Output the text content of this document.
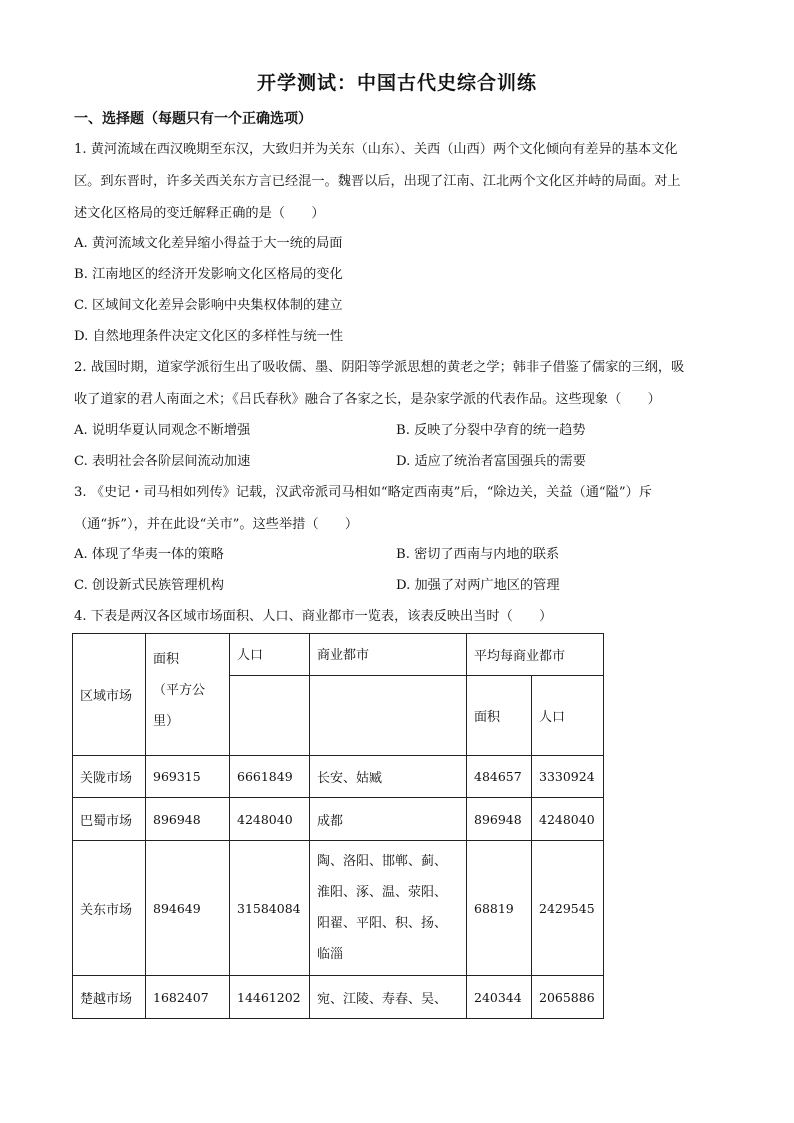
开学测试：中国古代史综合训练
一、选择题（每题只有一个正确选项）
1. 黄河流域在西汉晚期至东汉，大致归并为关东（山东）、关西（山西）两个文化倾向有差异的基本文化
区。到东晋时，许多关西关东方言已经混一。魏晋以后，出现了江南、江北两个文化区并峙的局面。对上
述文化区格局的变迁解释正确的是（　　）
A. 黄河流域文化差异缩小得益于大一统的局面
B. 江南地区的经济开发影响文化区格局的变化
C. 区域间文化差异会影响中央集权体制的建立
D. 自然地理条件决定文化区的多样性与统一性
2. 战国时期，道家学派衍生出了吸收儒、墨、阴阳等学派思想的黄老之学；韩非子借鉴了儒家的三纲，吸
收了道家的君人南面之术；《吕氏春秋》融合了各家之长，是杂家学派的代表作品。这些现象（　　）
A. 说明华夏认同观念不断增强	B. 反映了分裂中孕育的统一趋势
C. 表明社会各阶层间流动加速	D. 适应了统治者富国强兵的需要
3. 《史记・司马相如列传》记载，汉武帝派司马相如“略定西南夷”后，“除边关，关益（通“隘”）斥
（通“拆”），并在此设“关市”。这些举措（　　）
A. 体现了华夷一体的策略	B. 密切了西南与内地的联系
C. 创设新式民族管理机构	D. 加强了对两广地区的管理
4. 下表是两汉各区域市场面积、人口、商业都市一览表，该表反映出当时（　　）
区域市场	面积
（平方公
里）	人口	商业都市	平均每商业都市	
				面积	人口
关陇市场	969315	6661849	长安、姑臧	484657	3330924
巴蜀市场	896948	4248040	成都	896948	4248040
关东市场	894649	31584084	陶、洛阳、邯郸、蓟、
淮阳、涿、温、荥阳、
阳翟、平阳、积、扬、
临淄	68819	2429545
楚越市场	1682407	14461202	宛、江陵、寿春、吴、	240344	2065886
